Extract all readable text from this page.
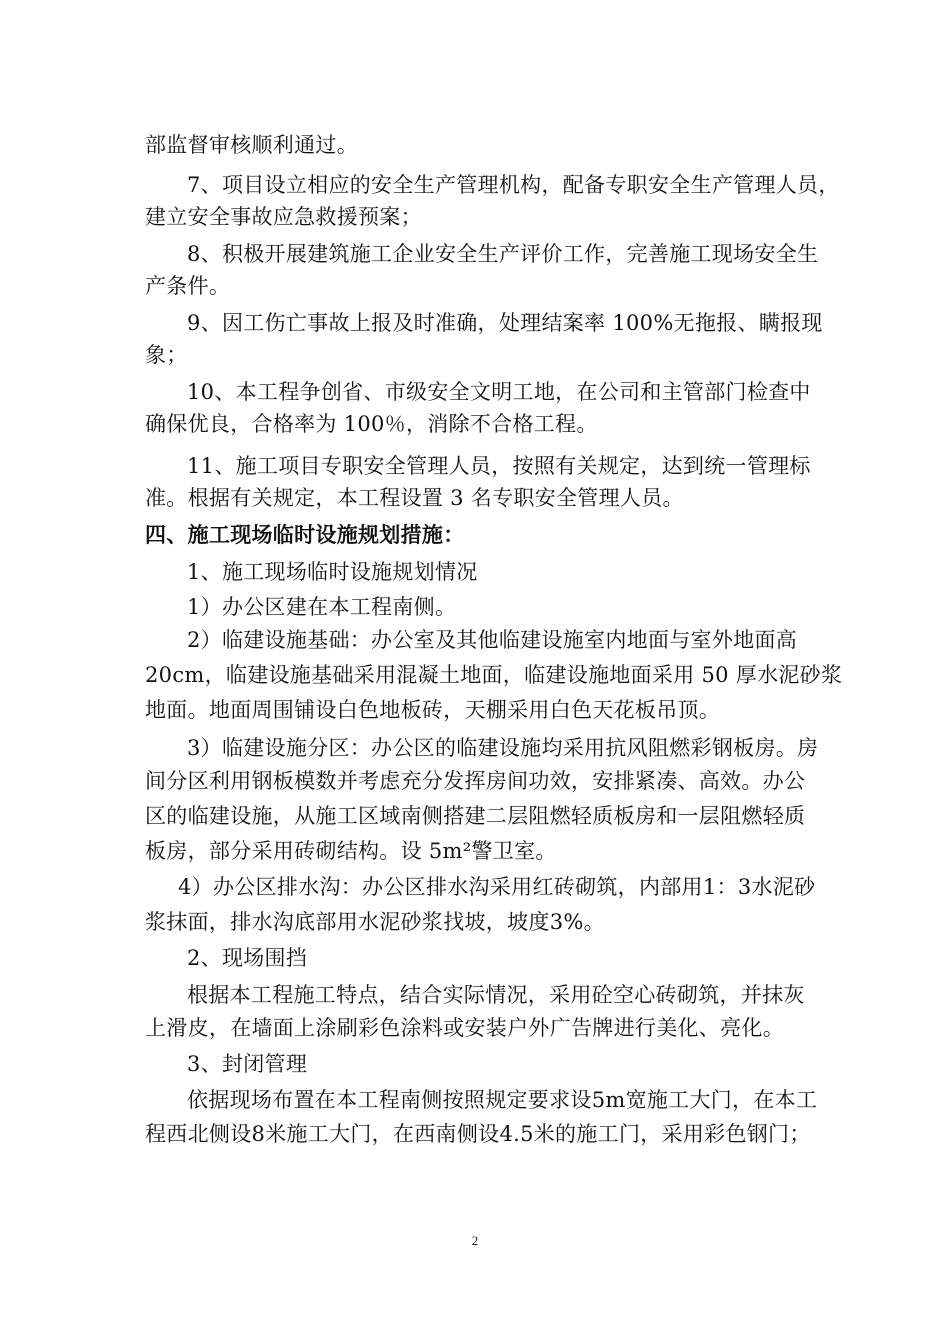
部监督审核顺利通过。
7、项目设立相应的安全生产管理机构，配备专职安全生产管理人员，
建立安全事故应急救援预案；
8、积极开展建筑施工企业安全生产评价工作，完善施工现场安全生
产条件。
9、因工伤亡事故上报及时准确，处理结案率 100%无拖报、瞒报现
象；
10、本工程争创省、市级安全文明工地，在公司和主管部门检查中
确保优良，合格率为 100％，消除不合格工程。
11、施工项目专职安全管理人员，按照有关规定，达到统一管理标
准。根据有关规定，本工程设置 3 名专职安全管理人员。
四、施工现场临时设施规划措施：
1、施工现场临时设施规划情况
1）办公区建在本工程南侧。
2）临建设施基础：办公室及其他临建设施室内地面与室外地面高
20cm，临建设施基础采用混凝土地面，临建设施地面采用 50 厚水泥砂浆
地面。地面周围铺设白色地板砖，天棚采用白色天花板吊顶。
3）临建设施分区：办公区的临建设施均采用抗风阻燃彩钢板房。房
间分区利用钢板模数并考虑充分发挥房间功效，安排紧凑、高效。办公
区的临建设施，从施工区域南侧搭建二层阻燃轻质板房和一层阻燃轻质
板房，部分采用砖砌结构。设 5m²警卫室。
4）办公区排水沟：办公区排水沟采用红砖砌筑，内部用1：3水泥砂
浆抹面，排水沟底部用水泥砂浆找坡，坡度3%。
2、现场围挡
根据本工程施工特点，结合实际情况，采用砼空心砖砌筑，并抹灰
上滑皮，在墙面上涂刷彩色涂料或安装户外广告牌进行美化、亮化。
3、封闭管理
依据现场布置在本工程南侧按照规定要求设5m宽施工大门，在本工
程西北侧设8米施工大门，在西南侧设4.5米的施工门，采用彩色钢门；
2
